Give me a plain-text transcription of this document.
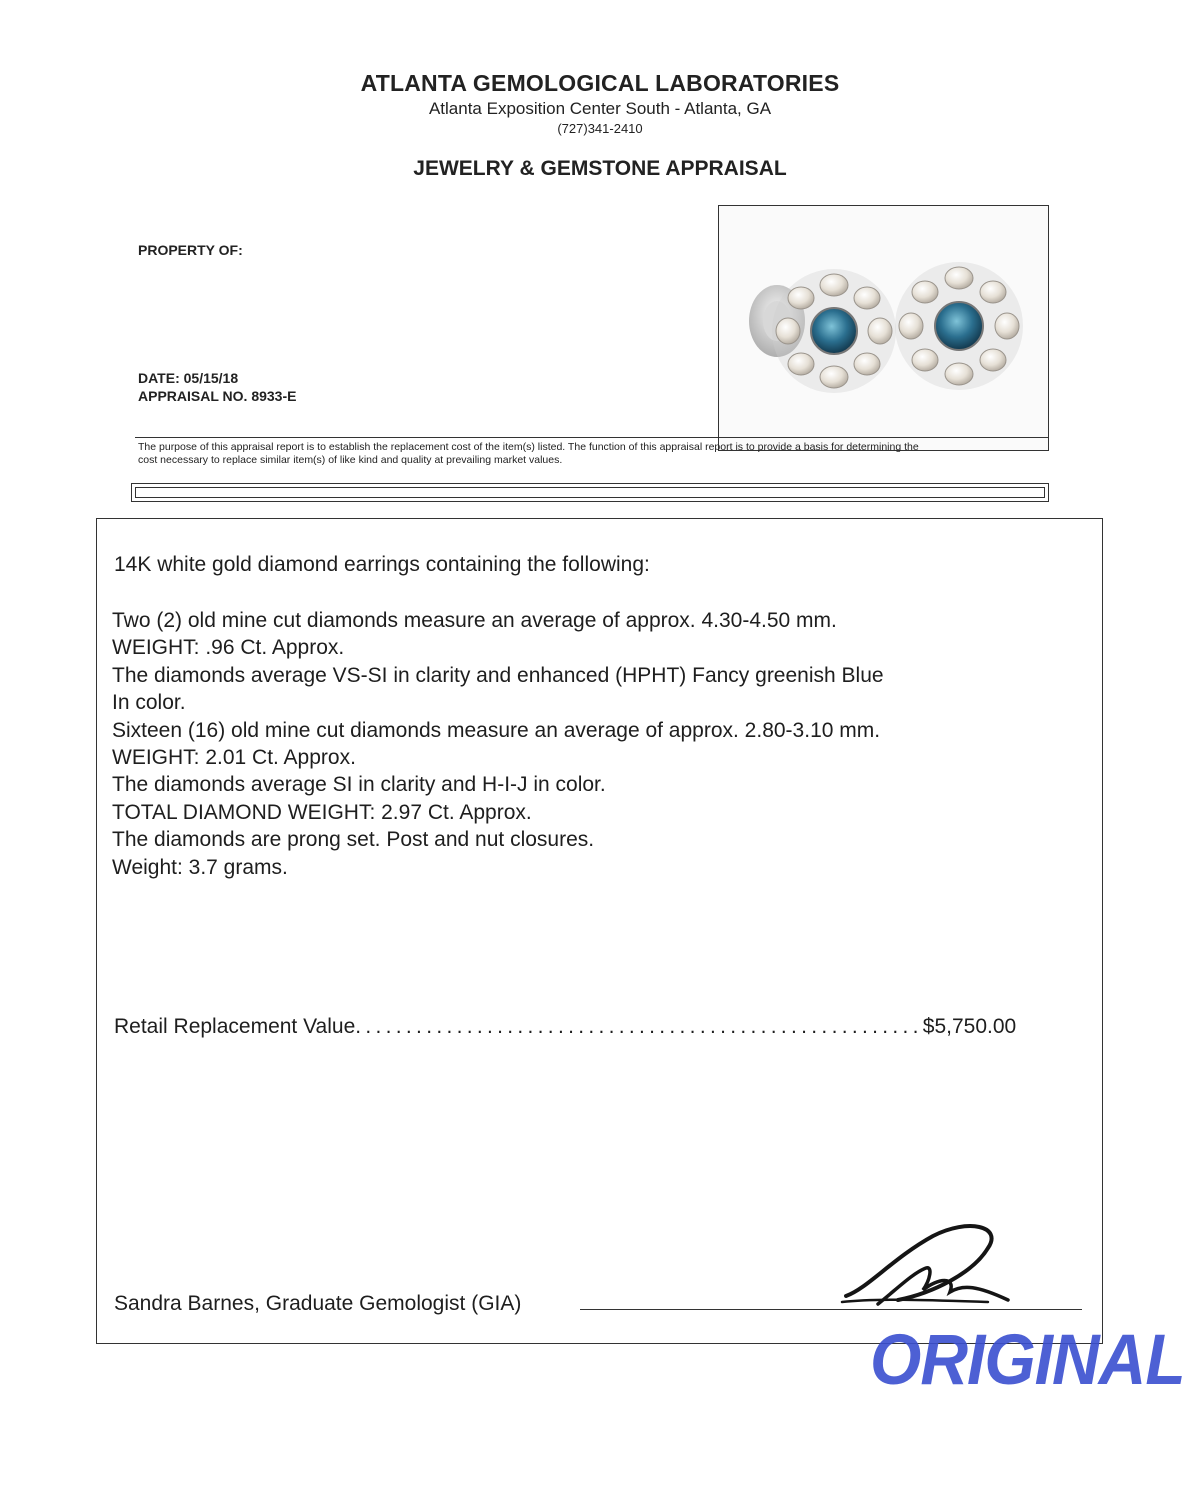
ATLANTA GEMOLOGICAL LABORATORIES
Atlanta Exposition Center South - Atlanta, GA
(727)341-2410
JEWELRY & GEMSTONE APPRAISAL
PROPERTY OF:
DATE: 05/15/18
APPRAISAL NO. 8933-E
The purpose of this appraisal report is to establish the replacement cost of the item(s) listed. The function of this appraisal report is to provide a basis for determining the
cost necessary to replace similar item(s) of like kind and quality at prevailing market values.
14K white gold diamond earrings containing the following:
Two (2) old mine cut diamonds measure an average of approx. 4.30-4.50 mm.
WEIGHT: .96 Ct. Approx.
The diamonds average VS-SI in clarity and enhanced (HPHT) Fancy greenish Blue
In color.
Sixteen (16) old mine cut diamonds measure an average of approx. 2.80-3.10 mm.
WEIGHT: 2.01 Ct. Approx.
The diamonds average SI in clarity and H-I-J in color.
TOTAL DIAMOND WEIGHT: 2.97 Ct. Approx.
The diamonds are prong set. Post and nut closures.
Weight: 3.7 grams.
Retail Replacement Value........................................................$5,750.00
Sandra Barnes, Graduate Gemologist (GIA)
ORIGINAL
